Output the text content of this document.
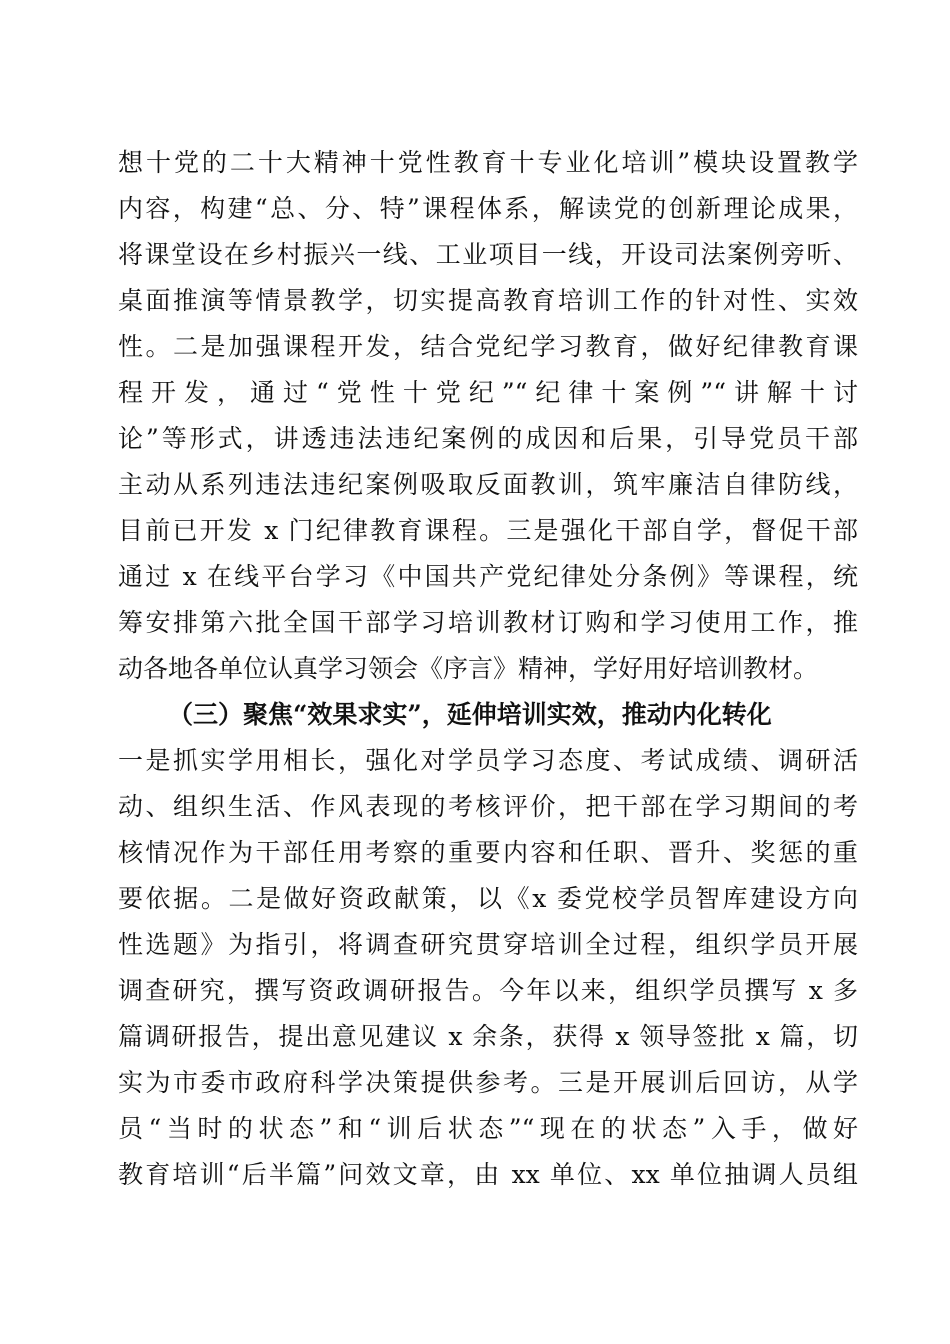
想十党的二十大精神十党性教育十专业化培训”模块设置教学
内容，构建“总、分、特”课程体系，解读党的创新理论成果，
将课堂设在乡村振兴一线、工业项目一线，开设司法案例旁听、
桌面推演等情景教学，切实提高教育培训工作的针对性、实效
性。二是加强课程开发，结合党纪学习教育，做好纪律教育课
程开发，通过“党性十党纪”“纪律十案例”“讲解十讨
论”等形式，讲透违法违纪案例的成因和后果，引导党员干部
主动从系列违法违纪案例吸取反面教训，筑牢廉洁自律防线，
目前已开发 x 门纪律教育课程。三是强化干部自学，督促干部
通过 x 在线平台学习《中国共产党纪律处分条例》等课程，统
筹安排第六批全国干部学习培训教材订购和学习使用工作，推
动各地各单位认真学习领会《序言》精神，学好用好培训教材。
（三）聚焦“效果求实”，延伸培训实效，推动内化转化
一是抓实学用相长，强化对学员学习态度、考试成绩、调研活
动、组织生活、作风表现的考核评价，把干部在学习期间的考
核情况作为干部任用考察的重要内容和任职、晋升、奖惩的重
要依据。二是做好资政献策，以《x 委党校学员智库建设方向
性选题》为指引，将调查研究贯穿培训全过程，组织学员开展
调查研究，撰写资政调研报告。今年以来，组织学员撰写 x 多
篇调研报告，提出意见建议 x 余条，获得 x 领导签批 x 篇，切
实为市委市政府科学决策提供参考。三是开展训后回访，从学
员“当时的状态”和“训后状态”“现在的状态”入手，做好
教育培训“后半篇”问效文章，由 xx 单位、xx 单位抽调人员组
